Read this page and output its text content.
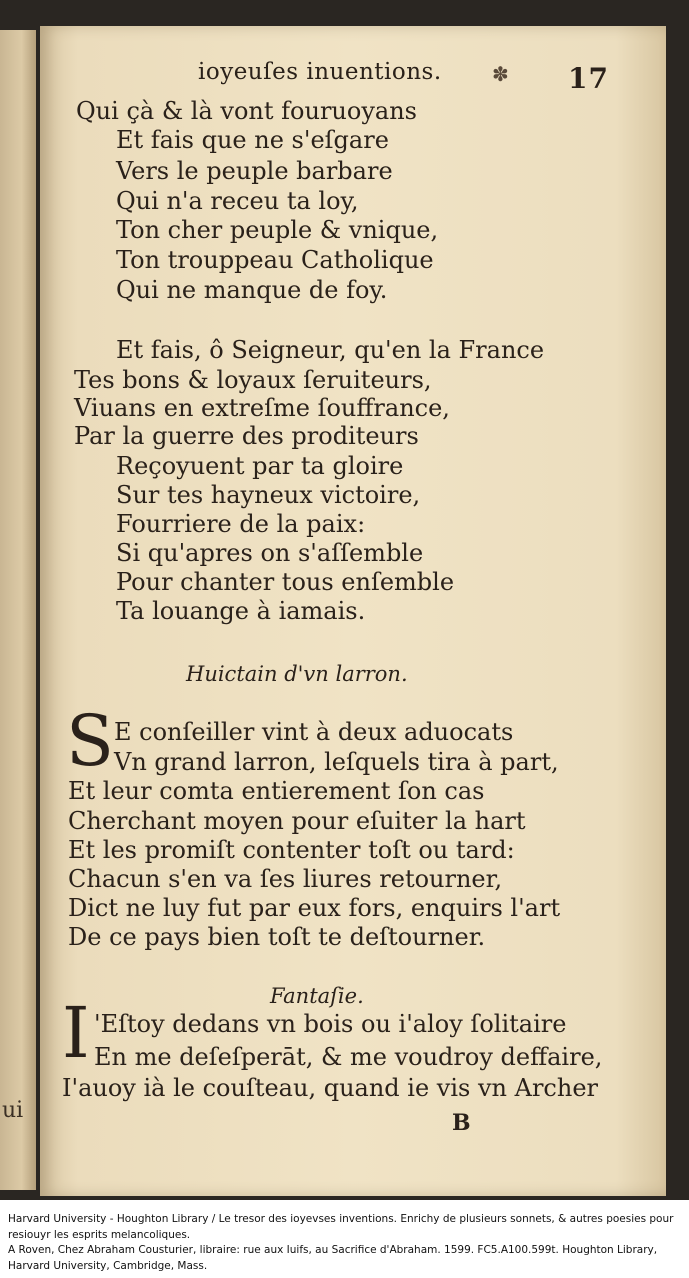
ui
ioyeuſes inuentions.	✽	17
Qui çà & là vont fouruoyans
Et fais que ne s'eſgare
Vers le peuple barbare
Qui n'a receu ta loy,
Ton cher peuple & vnique,
Ton trouppeau Catholique
Qui ne manque de foy.
Et fais, ô Seigneur, qu'en la France
Tes bons & loyaux ſeruiteurs,
Viuans en extreſme ſouffrance,
Par la guerre des proditeurs
Reçoyuent par ta gloire
Sur tes hayneux victoire,
Fourriere de la paix:
Si qu'apres on s'aſſemble
Pour chanter tous enſemble
Ta louange à iamais.
Huictain d'vn larron.
S E conſeiller vint à deux aduocats
Vn grand larron, leſquels tira à part,
Et leur comta entierement ſon cas
Cherchant moyen pour eſuiter la hart
Et les promiſt contenter toſt ou tard:
Chacun s'en va ſes liures retourner,
Dict ne luy fut par eux fors, enquirs l'art
De ce pays bien toſt te deſtourner.
Fantaſie.
I 'Eſtoy dedans vn bois ou i'aloy ſolitaire
En me deſeſperāt, & me voudroy deffaire,
I'auoy ià le couſteau, quand ie vis vn Archer
B
Harvard University - Houghton Library / Le tresor des ioyevses inventions. Enrichy de plusieurs sonnets, & autres poesies pour resiouyr les esprits melancoliques.
A Roven, Chez Abraham Cousturier, libraire: rue aux Iuifs, au Sacrifice d'Abraham. 1599. FC5.A100.599t. Houghton Library, Harvard University, Cambridge, Mass.
